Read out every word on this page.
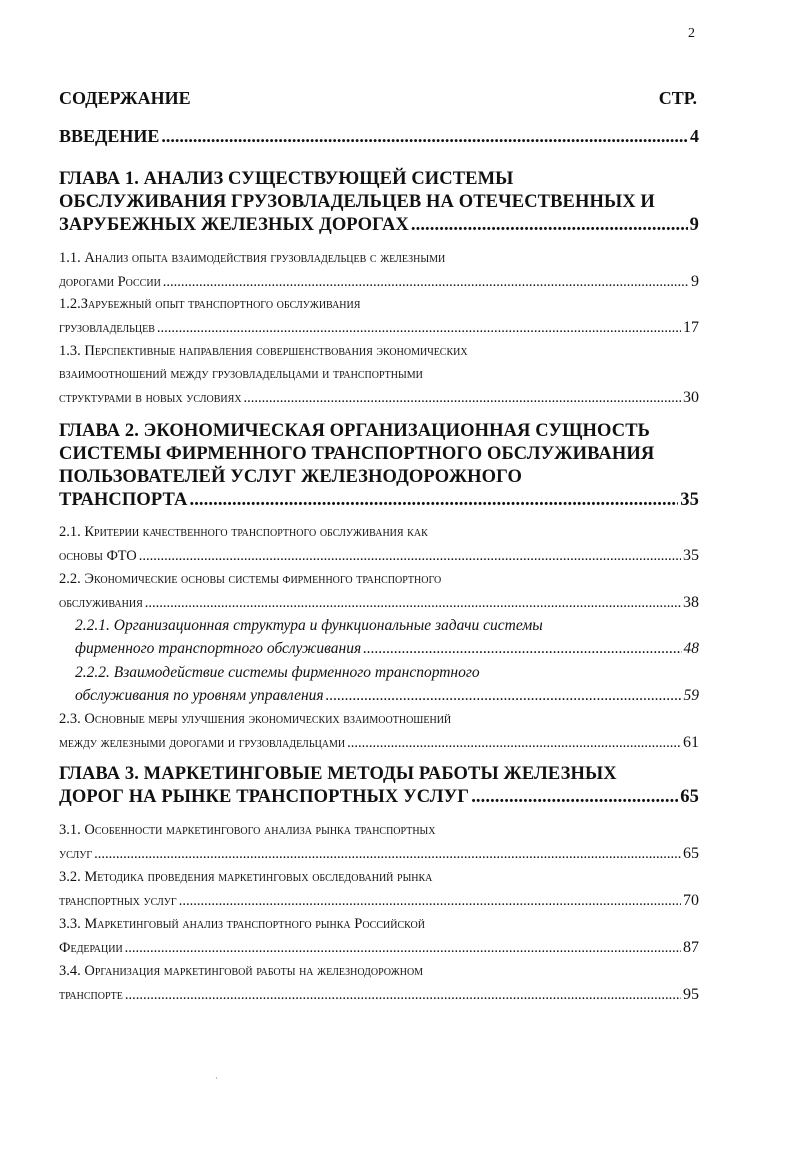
2
СОДЕРЖАНИЕ	СТР.
ВВЕДЕНИЕ .....	4
ГЛАВА 1. АНАЛИЗ СУЩЕСТВУЮЩЕЙ СИСТЕМЫ
ОБСЛУЖИВАНИЯ ГРУЗОВЛАДЕЛЬЦЕВ НА ОТЕЧЕСТВЕННЫХ И
ЗАРУБЕЖНЫХ ЖЕЛЕЗНЫХ ДОРОГАХ .....	9
1.1. Анализ опыта взаимодействия грузовладельцев с железными
дорогами России .....	9
1.2.Зарубежный опыт транспортного обслуживания
грузовладельцев .....	17
1.3. Перспективные направления совершенствования экономических
взаимоотношений между грузовладельцами и транспортными
структурами в новых условиях .....	30
ГЛАВА 2. ЭКОНОМИЧЕСКАЯ ОРГАНИЗАЦИОННАЯ СУЩНОСТЬ
СИСТЕМЫ ФИРМЕННОГО ТРАНСПОРТНОГО ОБСЛУЖИВАНИЯ
ПОЛЬЗОВАТЕЛЕЙ УСЛУГ ЖЕЛЕЗНОДОРОЖНОГО
ТРАНСПОРТА .....	35
2.1. Критерии качественного транспортного обслуживания как
основы ФТО .....	35
2.2. Экономические основы системы фирменного транспортного
обслуживания .....	38
2.2.1. Организационная структура и функциональные задачи системы
фирменного транспортного обслуживания .....	48
2.2.2. Взаимодействие системы фирменного транспортного
обслуживания по уровням управления .....	59
2.3. Основные меры улучшения экономических взаимоотношений
между железными дорогами и грузовладельцами .....	61
ГЛАВА 3. МАРКЕТИНГОВЫЕ МЕТОДЫ РАБОТЫ ЖЕЛЕЗНЫХ
ДОРОГ НА РЫНКЕ ТРАНСПОРТНЫХ УСЛУГ .....	65
3.1. Особенности маркетингового анализа рынка транспортных
услуг .....	65
3.2. Методика проведения маркетинговых обследований рынка
транспортных услуг .....	70
3.3. Маркетинговый анализ транспортного рынка Российской
Федерации .....	87
3.4. Организация маркетинговой работы на железнодорожном
транспорте .....	95
·
